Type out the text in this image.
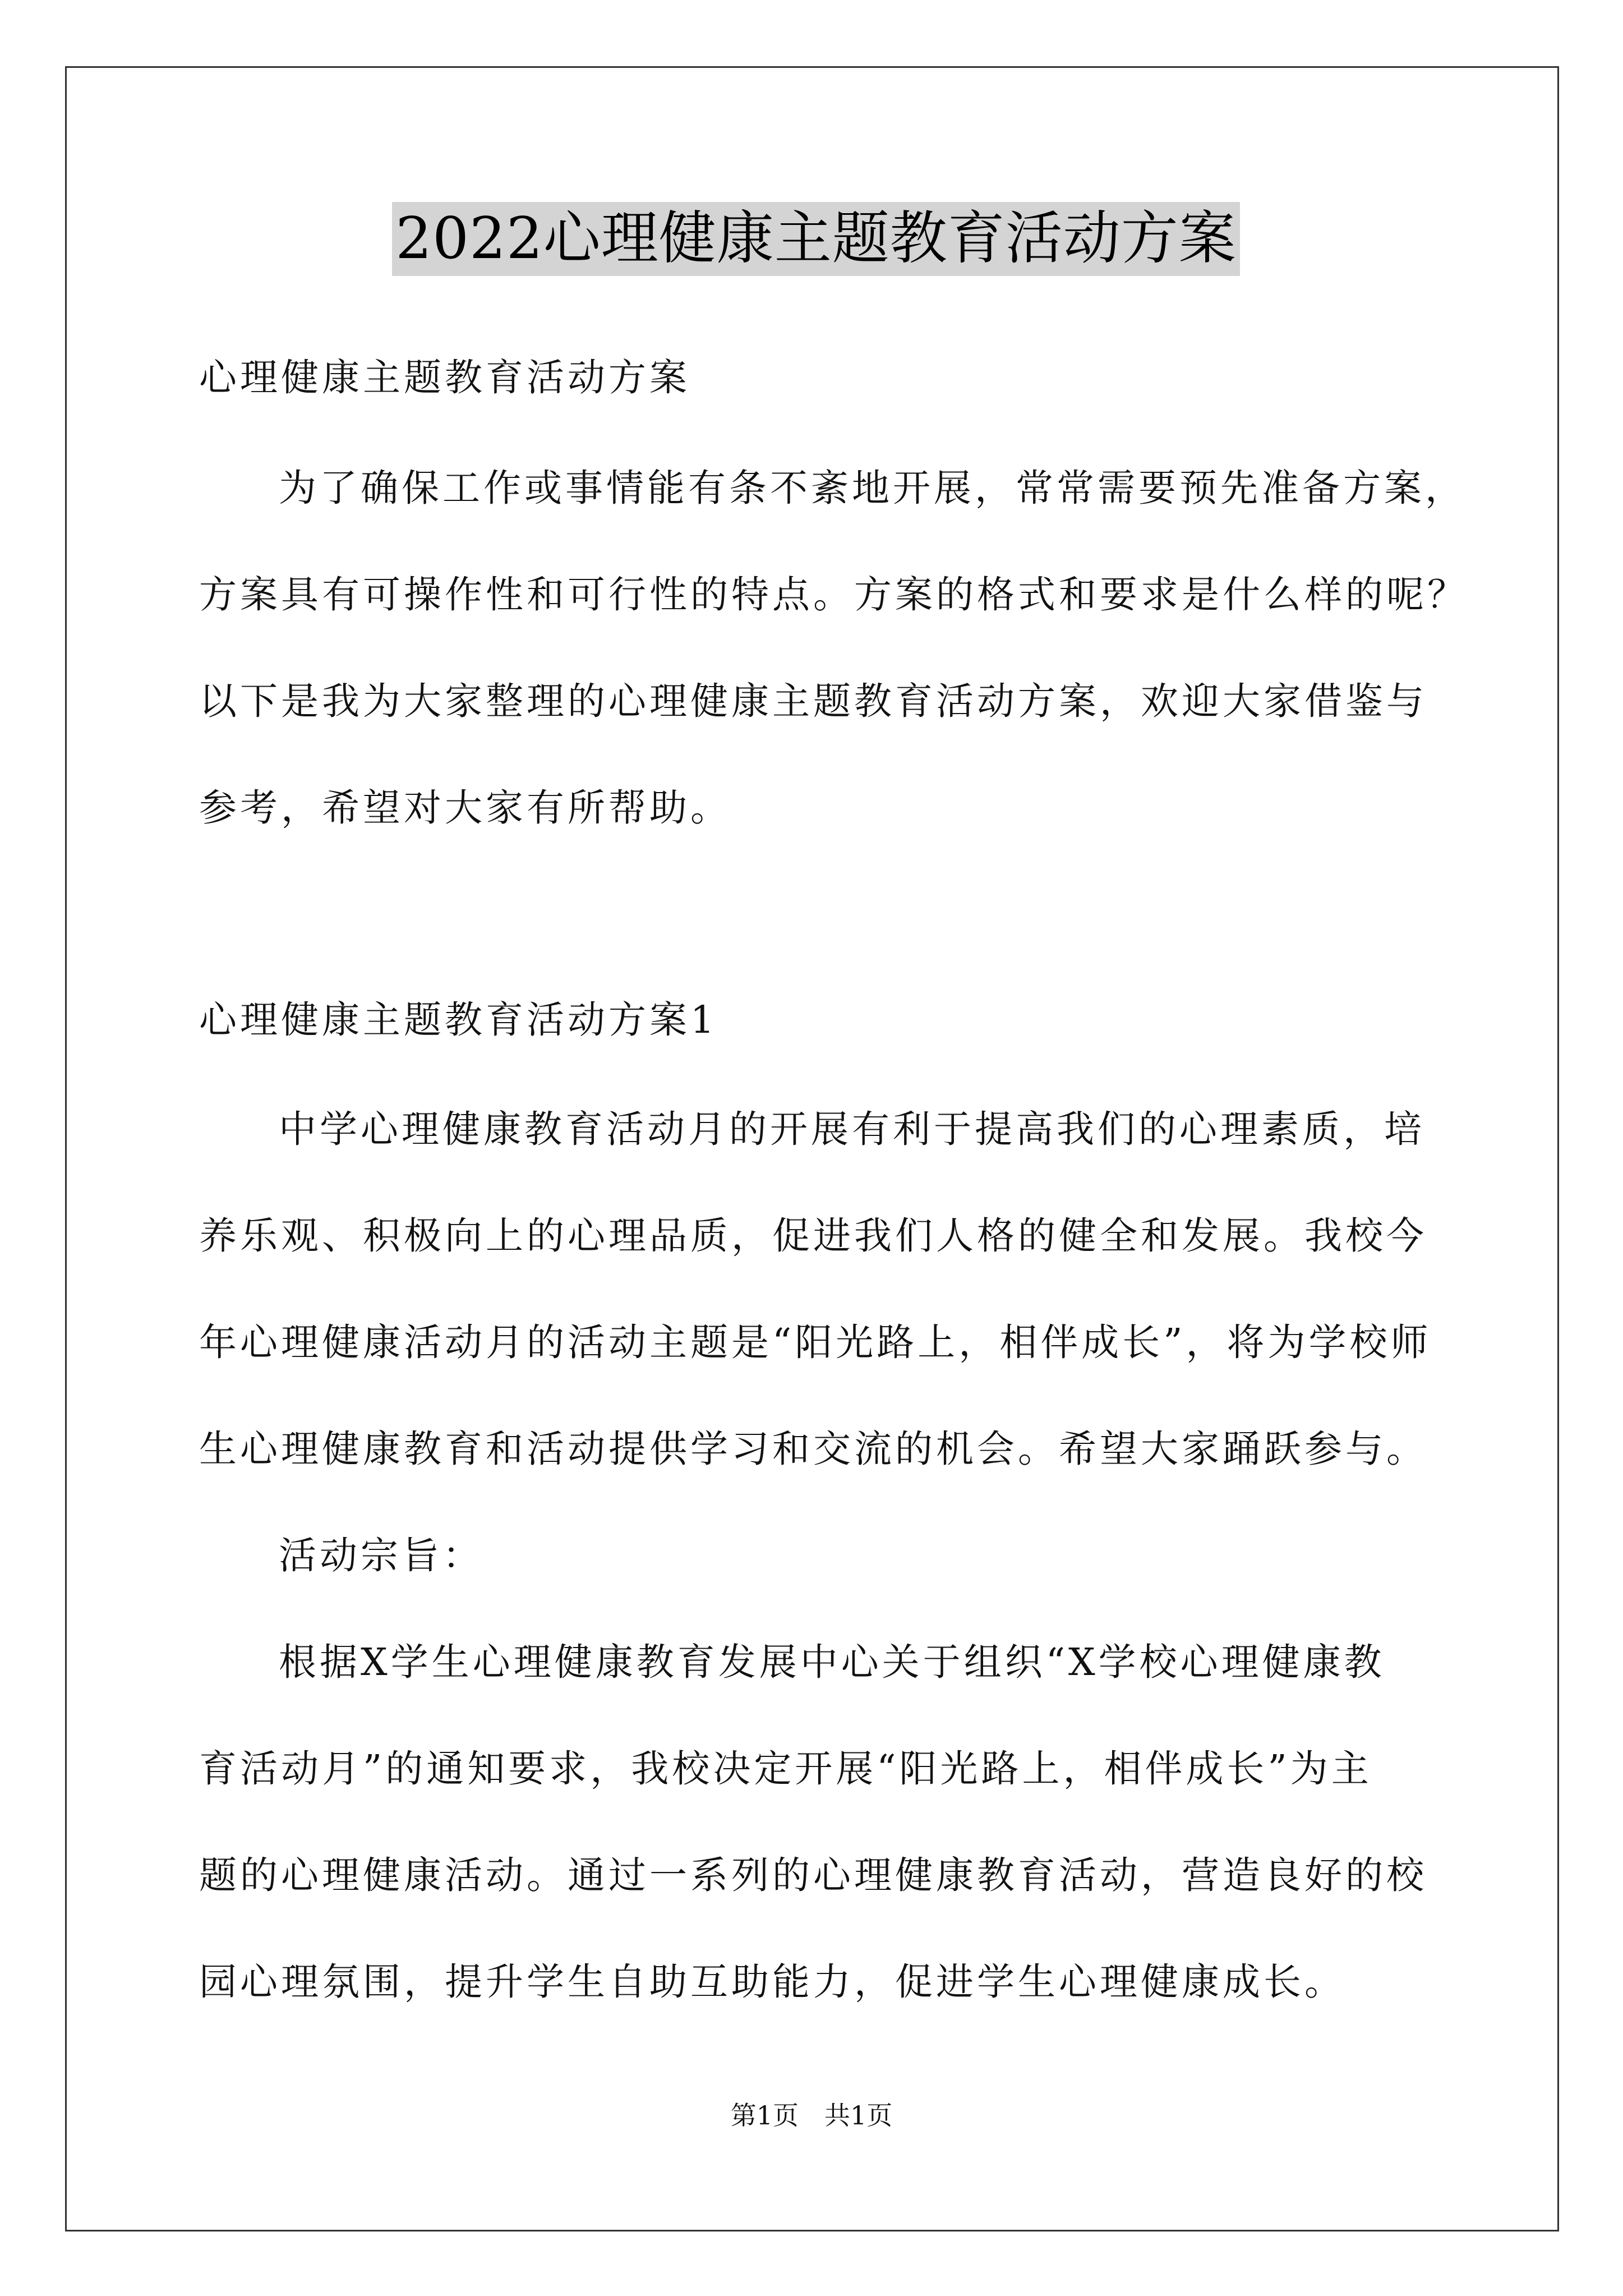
2022心理健康主题教育活动方案
心理健康主题教育活动方案
为了确保工作或事情能有条不紊地开展，常常需要预先准备方案，
方案具有可操作性和可行性的特点。方案的格式和要求是什么样的呢？
以下是我为大家整理的心理健康主题教育活动方案，欢迎大家借鉴与
参考，希望对大家有所帮助。
心理健康主题教育活动方案1
中学心理健康教育活动月的开展有利于提高我们的心理素质，培
养乐观、积极向上的心理品质，促进我们人格的健全和发展。我校今
年心理健康活动月的活动主题是“阳光路上，相伴成长”，将为学校师
生心理健康教育和活动提供学习和交流的机会。希望大家踊跃参与。
活动宗旨：
根据X学生心理健康教育发展中心关于组织“X学校心理健康教
育活动月”的通知要求，我校决定开展“阳光路上，相伴成长”为主
题的心理健康活动。通过一系列的心理健康教育活动，营造良好的校
园心理氛围，提升学生自助互助能力，促进学生心理健康成长。
第1页　共1页
